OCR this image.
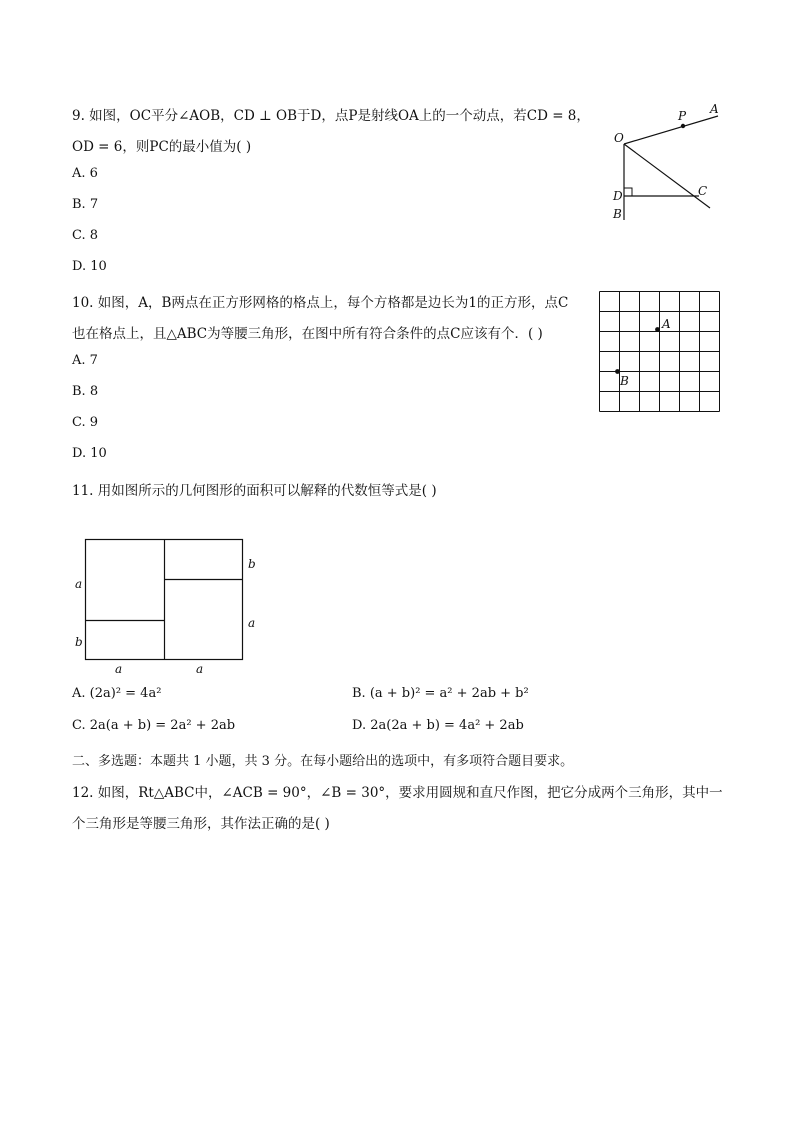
9. 如图，OC平分∠AOB，CD ⊥ OB于D，点P是射线OA上的一个动点，若CD = 8，
OD = 6，则PC的最小值为( )
A. 6
B. 7
C. 8
D. 10
O
P A
D	C
B
10. 如图，A，B两点在正方形网格的格点上，每个方格都是边长为1的正方形，点C
也在格点上，且△ABC为等腰三角形，在图中所有符合条件的点C应该有个．( )
A. 7
B. 8
C. 9
D. 10
A
B
11. 用如图所示的几何图形的面积可以解释的代数恒等式是( )
a
b
b
a
a	a
A. (2a)² = 4a²	B. (a + b)² = a² + 2ab + b²
C. 2a(a + b) = 2a² + 2ab	D. 2a(2a + b) = 4a² + 2ab
二、多选题：本题共 1 小题，共 3 分。在每小题给出的选项中，有多项符合题目要求。
12. 如图，Rt△ABC中，∠ACB = 90°，∠B = 30°，要求用圆规和直尺作图，把它分成两个三角形，其中一
个三角形是等腰三角形，其作法正确的是( )
